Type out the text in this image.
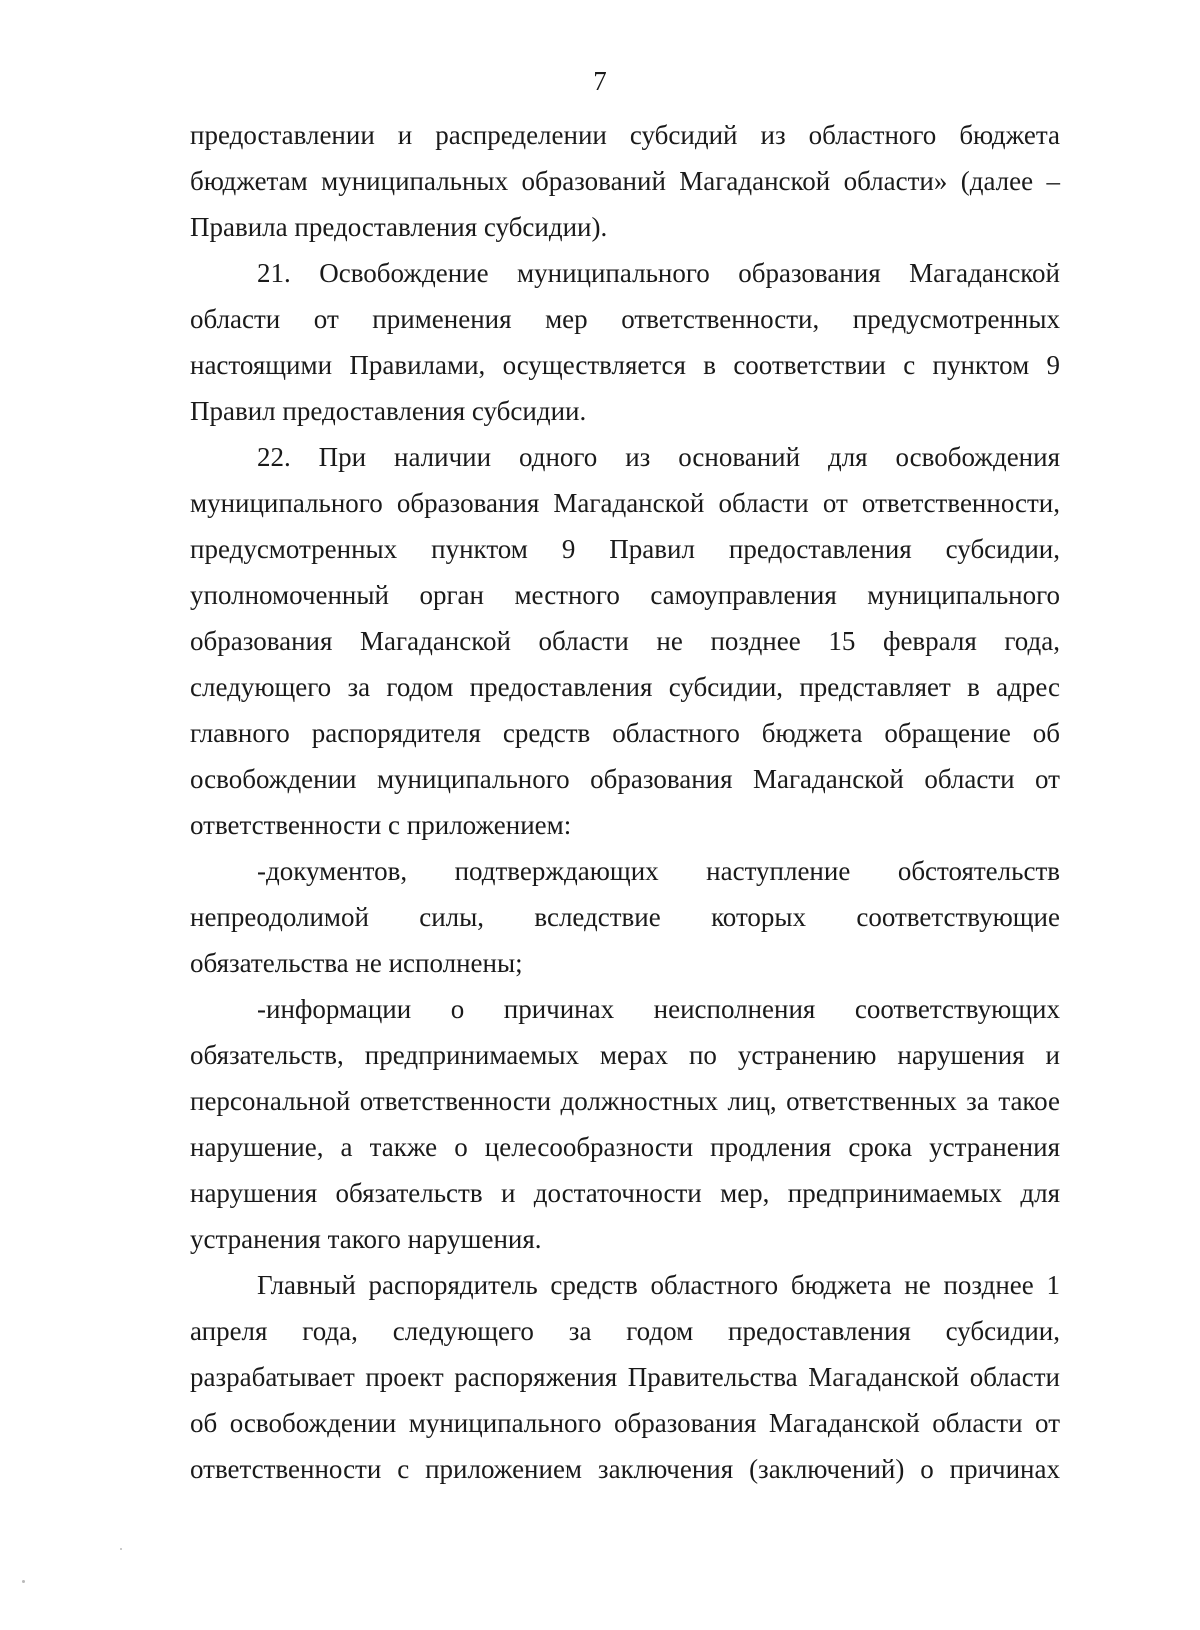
7
предоставлении и распределении субсидий из областного бюджета
бюджетам муниципальных образований Магаданской области» (далее –
Правила предоставления субсидии).
21. Освобождение муниципального образования Магаданской
области от применения мер ответственности, предусмотренных
настоящими Правилами, осуществляется в соответствии с пунктом 9
Правил предоставления субсидии.
22. При наличии одного из оснований для освобождения
муниципального образования Магаданской области от ответственности,
предусмотренных пунктом 9 Правил предоставления субсидии,
уполномоченный орган местного самоуправления муниципального
образования Магаданской области не позднее 15 февраля года,
следующего за годом предоставления субсидии, представляет в адрес
главного распорядителя средств областного бюджета обращение об
освобождении муниципального образования Магаданской области от
ответственности с приложением:
-документов, подтверждающих наступление обстоятельств
непреодолимой силы, вследствие которых соответствующие
обязательства не исполнены;
-информации о причинах неисполнения соответствующих
обязательств, предпринимаемых мерах по устранению нарушения и
персональной ответственности должностных лиц, ответственных за такое
нарушение, а также о целесообразности продления срока устранения
нарушения обязательств и достаточности мер, предпринимаемых для
устранения такого нарушения.
Главный распорядитель средств областного бюджета не позднее 1
апреля года, следующего за годом предоставления субсидии,
разрабатывает проект распоряжения Правительства Магаданской области
об освобождении муниципального образования Магаданской области от
ответственности с приложением заключения (заключений) о причинах
